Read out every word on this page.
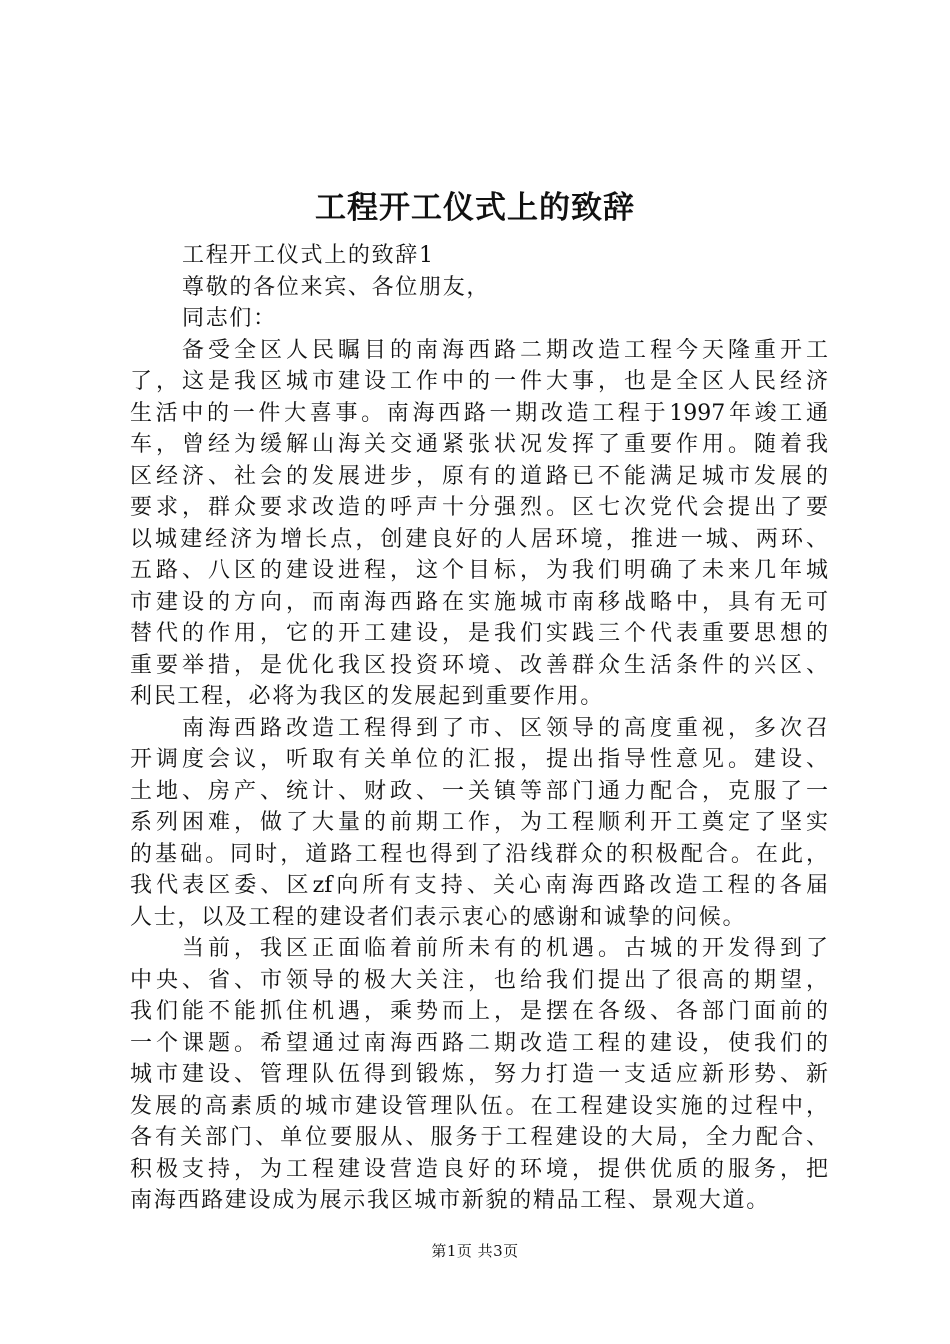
工程开工仪式上的致辞
工程开工仪式上的致辞1
尊敬的各位来宾、各位朋友，
同志们：
备受全区人民瞩目的南海西路二期改造工程今天隆重开工
了，这是我区城市建设工作中的一件大事，也是全区人民经济
生活中的一件大喜事。南海西路一期改造工程于1997年竣工通
车，曾经为缓解山海关交通紧张状况发挥了重要作用。随着我
区经济、社会的发展进步，原有的道路已不能满足城市发展的
要求，群众要求改造的呼声十分强烈。区七次党代会提出了要
以城建经济为增长点，创建良好的人居环境，推进一城、两环、
五路、八区的建设进程，这个目标，为我们明确了未来几年城
市建设的方向，而南海西路在实施城市南移战略中，具有无可
替代的作用，它的开工建设，是我们实践三个代表重要思想的
重要举措，是优化我区投资环境、改善群众生活条件的兴区、
利民工程，必将为我区的发展起到重要作用。
南海西路改造工程得到了市、区领导的高度重视，多次召
开调度会议，听取有关单位的汇报，提出指导性意见。建设、
土地、房产、统计、财政、一关镇等部门通力配合，克服了一
系列困难，做了大量的前期工作，为工程顺利开工奠定了坚实
的基础。同时，道路工程也得到了沿线群众的积极配合。在此，
我代表区委、区zf向所有支持、关心南海西路改造工程的各届
人士，以及工程的建设者们表示衷心的感谢和诚挚的问候。
当前，我区正面临着前所未有的机遇。古城的开发得到了
中央、省、市领导的极大关注，也给我们提出了很高的期望，
我们能不能抓住机遇，乘势而上，是摆在各级、各部门面前的
一个课题。希望通过南海西路二期改造工程的建设，使我们的
城市建设、管理队伍得到锻炼，努力打造一支适应新形势、新
发展的高素质的城市建设管理队伍。在工程建设实施的过程中，
各有关部门、单位要服从、服务于工程建设的大局，全力配合、
积极支持，为工程建设营造良好的环境，提供优质的服务，把
南海西路建设成为展示我区城市新貌的精品工程、景观大道。
第1页 共3页
